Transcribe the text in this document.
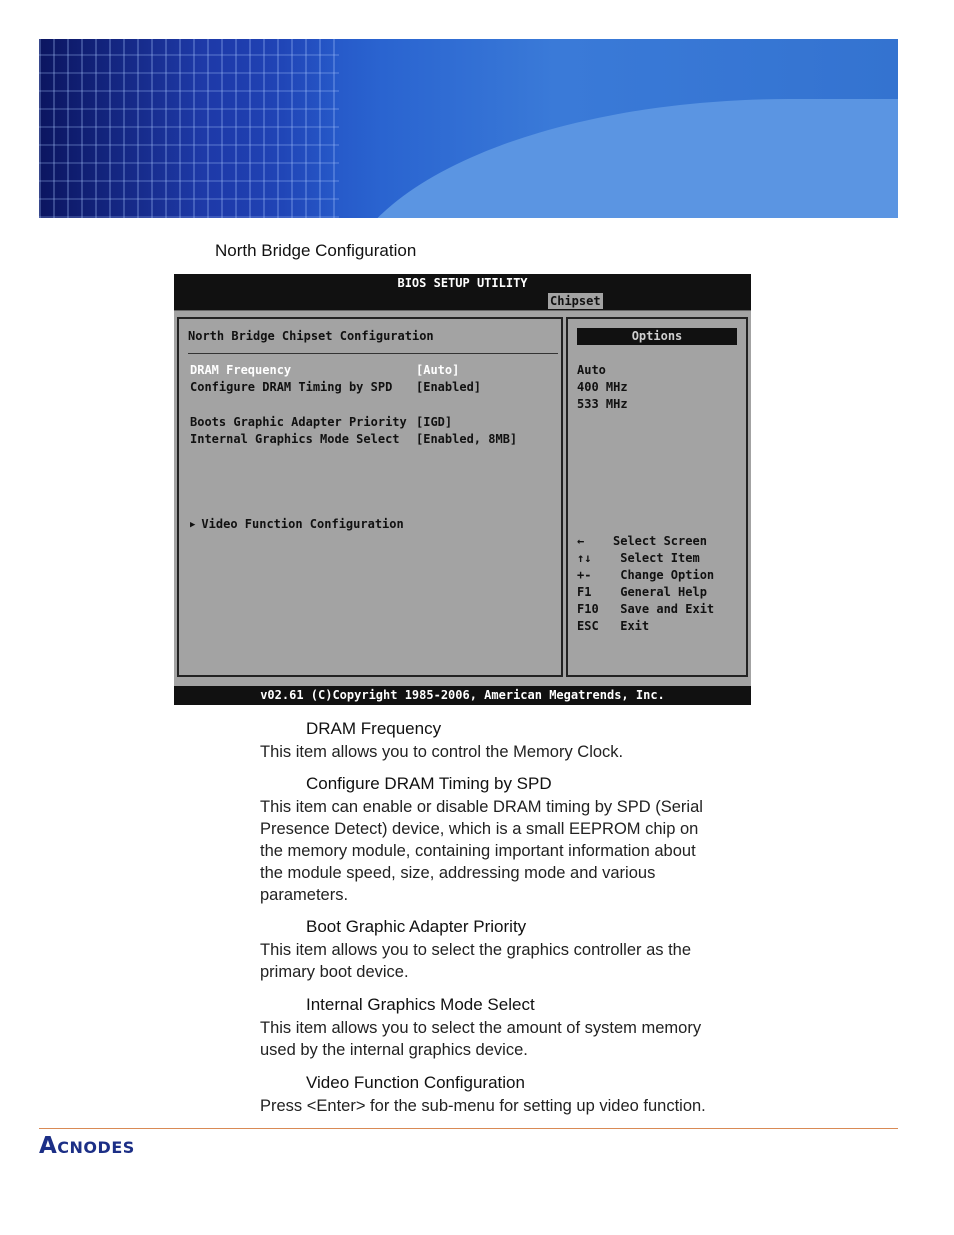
North Bridge Configuration
BIOS SETUP UTILITY
Chipset
North Bridge Chipset Configuration
DRAM Frequency	[Auto]
Configure DRAM Timing by SPD [Enabled]
Boots Graphic Adapter Priority [IGD]
Internal Graphics Mode Select [Enabled, 8MB]
▶ Video Function Configuration
Options
Auto
400 MHz
533 MHz
← Select Screen
↑↓ Select Item
+- Change Option
F1 General Help
F10 Save and Exit
ESC Exit
v02.61 (C)Copyright 1985-2006, American Megatrends, Inc.
DRAM Frequency
This item allows you to control the Memory Clock.
Configure DRAM Timing by SPD
This item can enable or disable DRAM timing by SPD (Serial
Presence Detect) device, which is a small EEPROM chip on
the memory module, containing important information about
the module speed, size, addressing mode and various
parameters.
Boot Graphic Adapter Priority
This item allows you to select the graphics controller as the
primary boot device.
Internal Graphics Mode Select
This item allows you to select the amount of system memory
used by the internal graphics device.
Video Function Configuration
Press <Enter> for the sub-menu for setting up video function.
Acnodes
